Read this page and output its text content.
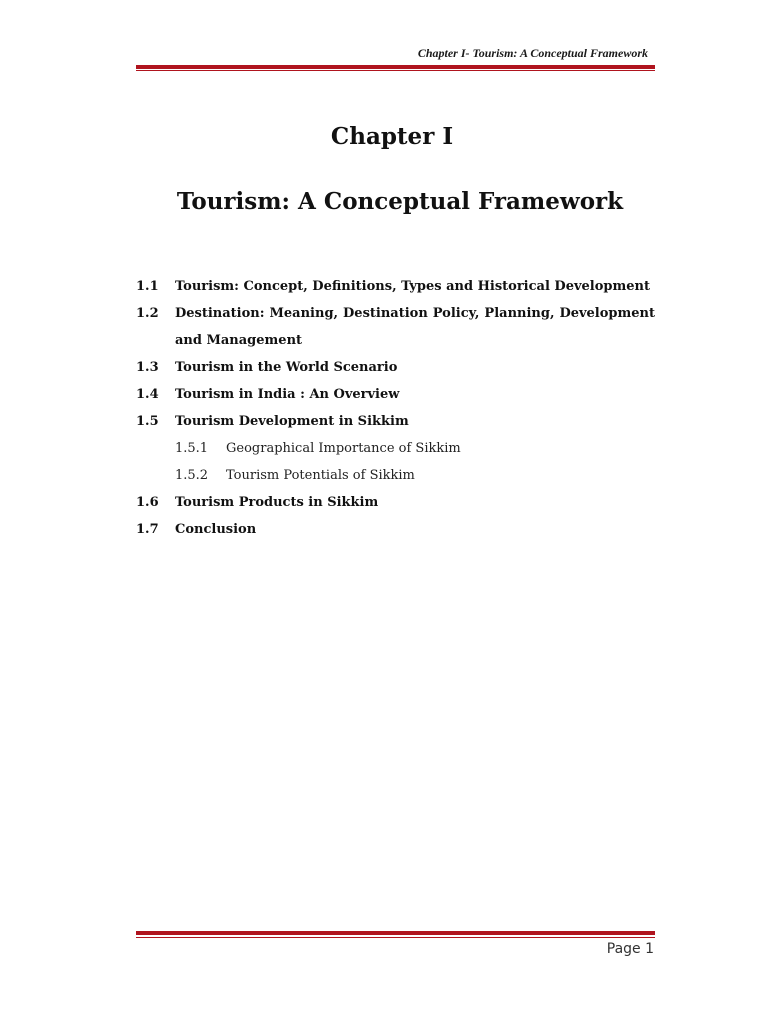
Chapter I- Tourism: A Conceptual Framework
Chapter I
Tourism: A Conceptual Framework
1.1	Tourism: Concept, Definitions, Types and Historical Development
1.2	Destination: Meaning, Destination Policy, Planning, Development and Management
1.3	Tourism in the World Scenario
1.4	Tourism in India : An Overview
1.5	Tourism Development in Sikkim
1.5.1	Geographical Importance of Sikkim
1.5.2	Tourism Potentials of Sikkim
1.6	Tourism Products in Sikkim
1.7	Conclusion
Page 1
